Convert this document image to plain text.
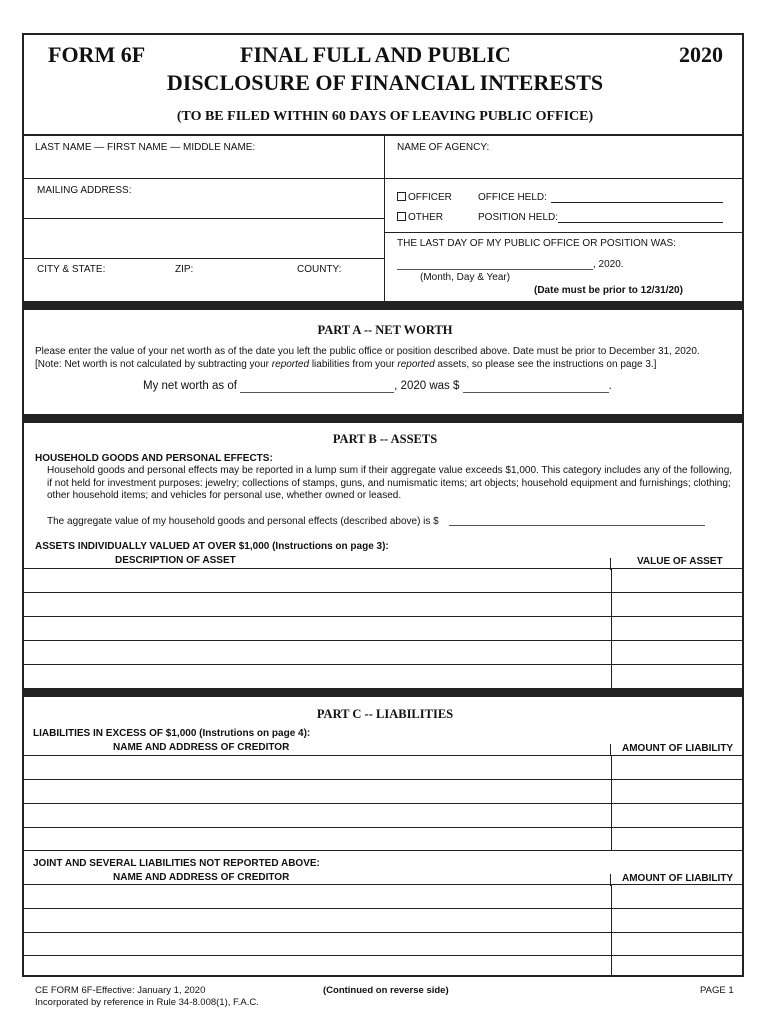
FORM 6F	FINAL FULL AND PUBLIC	2020
DISCLOSURE OF FINANCIAL INTERESTS
(TO BE FILED WITHIN 60 DAYS OF LEAVING PUBLIC OFFICE)
LAST NAME — FIRST NAME — MIDDLE NAME:	NAME OF AGENCY:
MAILING ADDRESS:
OFFICER	OFFICE HELD:
OTHER	POSITION HELD:
CITY & STATE:	ZIP:	COUNTY:
THE LAST DAY OF MY PUBLIC OFFICE OR POSITION WAS:
, 2020.
(Month, Day & Year)
(Date must be prior to 12/31/20)
PART A -- NET WORTH
Please enter the value of your net worth as of the date you left the public office or position described above. Date must be prior to December 31, 2020.
[Note: Net worth is not calculated by subtracting your reported liabilities from your reported assets, so please see the instructions on page 3.]
My net worth as of	, 2020 was $	.
PART B -- ASSETS
HOUSEHOLD GOODS AND PERSONAL EFFECTS:
Household goods and personal effects may be reported in a lump sum if their aggregate value exceeds $1,000. This category includes any of the following,
if not held for investment purposes: jewelry; collections of stamps, guns, and numismatic items; art objects; household equipment and furnishings; clothing;
other household items; and vehicles for personal use, whether owned or leased.
The aggregate value of my household goods and personal effects (described above) is $
ASSETS INDIVIDUALLY VALUED AT OVER $1,000 (Instructions on page 3):
DESCRIPTION OF ASSET	VALUE OF ASSET
PART C -- LIABILITIES
LIABILITIES IN EXCESS OF $1,000 (Instrutions on page 4):
NAME AND ADDRESS OF CREDITOR	AMOUNT OF LIABILITY
JOINT AND SEVERAL LIABILITIES NOT REPORTED ABOVE:
NAME AND ADDRESS OF CREDITOR	AMOUNT OF LIABILITY
CE FORM 6F-Effective: January 1, 2020
Incorporated by reference in Rule 34-8.008(1), F.A.C.
(Continued on reverse side)	PAGE 1
